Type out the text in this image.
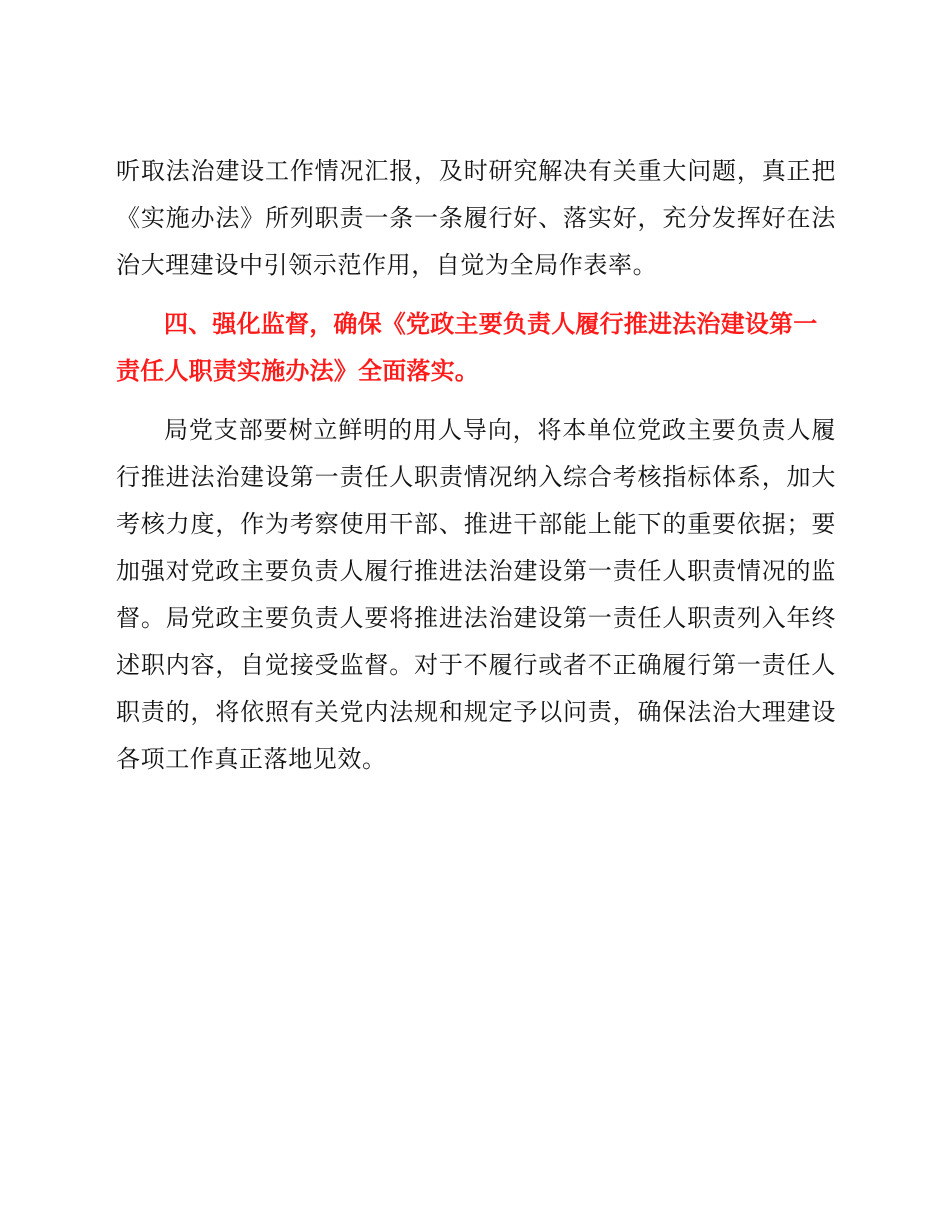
听取法治建设工作情况汇报，及时研究解决有关重大问题，真正把《实施办法》所列职责一条一条履行好、落实好，充分发挥好在法治大理建设中引领示范作用，自觉为全局作表率。

四、强化监督，确保《党政主要负责人履行推进法治建设第一责任人职责实施办法》全面落实。

局党支部要树立鲜明的用人导向，将本单位党政主要负责人履行推进法治建设第一责任人职责情况纳入综合考核指标体系，加大考核力度，作为考察使用干部、推进干部能上能下的重要依据；要加强对党政主要负责人履行推进法治建设第一责任人职责情况的监督。局党政主要负责人要将推进法治建设第一责任人职责列入年终述职内容，自觉接受监督。对于不履行或者不正确履行第一责任人职责的，将依照有关党内法规和规定予以问责，确保法治大理建设各项工作真正落地见效。
